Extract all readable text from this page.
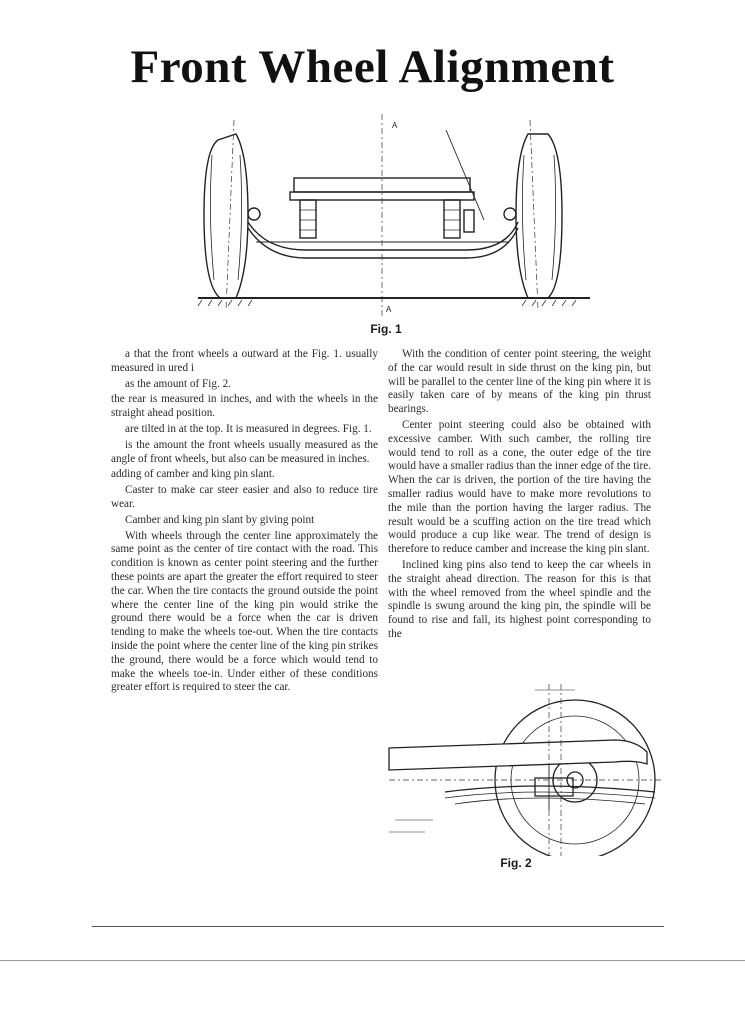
Front Wheel Alignment
A
A
Fig. 1

a that the front wheels a outward at the Fig. 1. usually measured in ured i

as the amount of Fig. 2.

the rear is measured in inches, and with the wheels in the straight ahead position.

are tilted in at the top. It is measured in degrees. Fig. 1.

is the amount the front wheels usually measured as the angle of front wheels, but also can be measured in inches.

adding of camber and king pin slant.

Caster to make car steer easier and also to reduce tire wear.

Camber and king pin slant by giving point

With wheels through the center line approximately the same point as the center of tire contact with the road. This condition is known as center point steering and the further these points are apart the greater the effort required to steer the car. When the tire contacts the ground outside the point where the center line of the king pin would strike the ground there would be a force when the car is driven tending to make the wheels toe-out. When the tire contacts inside the point where the center line of the king pin strikes the ground, there would be a force which would tend to make the wheels toe-in. Under either of these conditions greater effort is required to steer the car.

With the condition of center point steering, the weight of the car would result in side thrust on the king pin, but will be parallel to the center line of the king pin where it is easily taken care of by means of the king pin thrust bearings.

Center point steering could also be obtained with excessive camber. With such camber, the rolling tire would tend to roll as a cone, the outer edge of the tire would have a smaller radius than the inner edge of the tire. When the car is driven, the portion of the tire having the smaller radius would have to make more revolutions to the mile than the portion having the larger radius. The result would be a scuffing action on the tire tread which would produce a cup like wear. The trend of design is therefore to reduce camber and increase the king pin slant.

Inclined king pins also tend to keep the car wheels in the straight ahead direction. The reason for this is that with the wheel removed from the wheel spindle and the spindle is swung around the king pin, the spindle will be found to rise and fall, its highest point corresponding to the

Fig. 2
